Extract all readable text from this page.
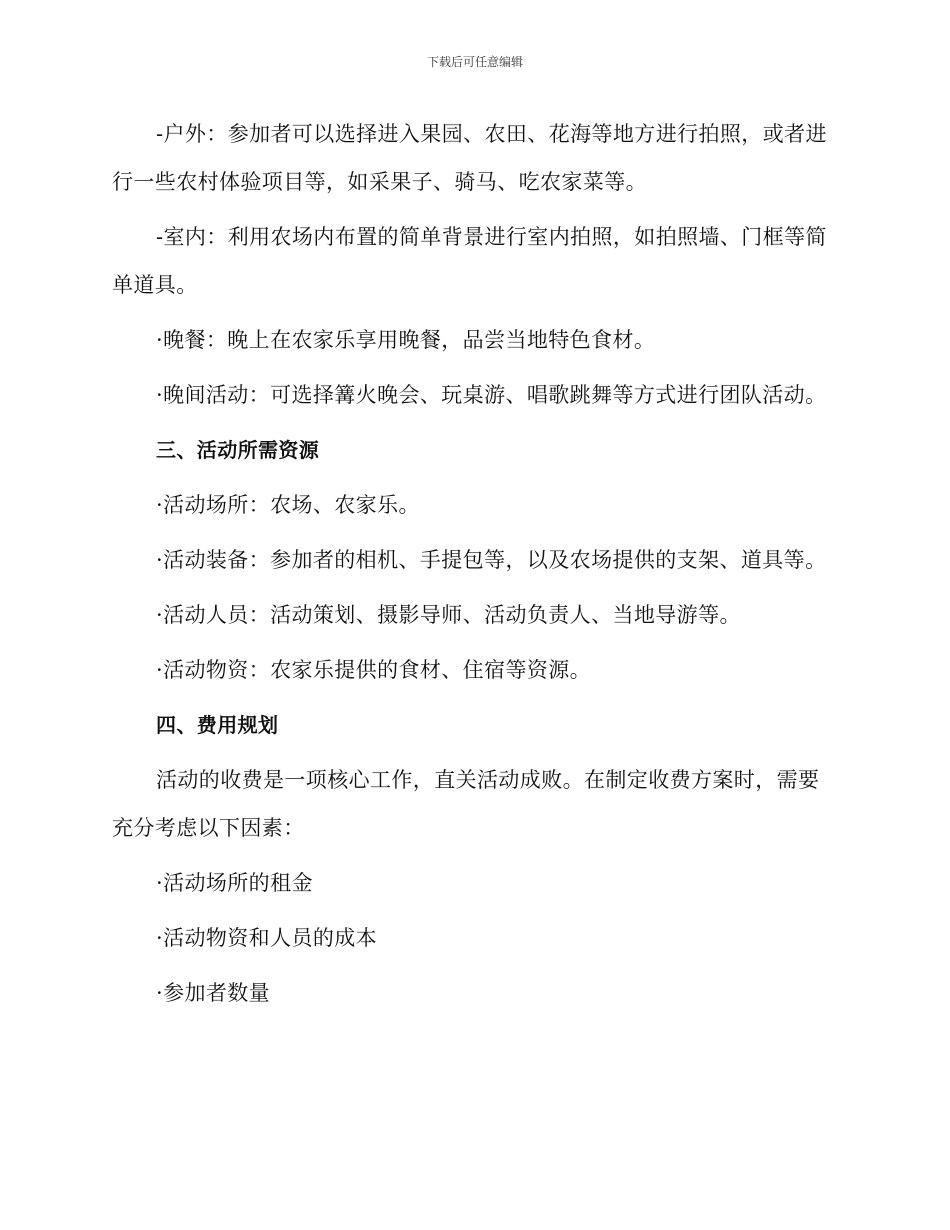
下载后可任意编辑

-户外：参加者可以选择进入果园、农田、花海等地方进行拍照，或者进行一些农村体验项目等，如采果子、骑马、吃农家菜等。

-室内：利用农场内布置的简单背景进行室内拍照，如拍照墙、门框等简单道具。

·晚餐：晚上在农家乐享用晚餐，品尝当地特色食材。

·晚间活动：可选择篝火晚会、玩桌游、唱歌跳舞等方式进行团队活动。

三、活动所需资源

·活动场所：农场、农家乐。

·活动装备：参加者的相机、手提包等，以及农场提供的支架、道具等。

·活动人员：活动策划、摄影导师、活动负责人、当地导游等。

·活动物资：农家乐提供的食材、住宿等资源。

四、费用规划

活动的收费是一项核心工作，直关活动成败。在制定收费方案时，需要充分考虑以下因素：

·活动场所的租金

·活动物资和人员的成本

·参加者数量
